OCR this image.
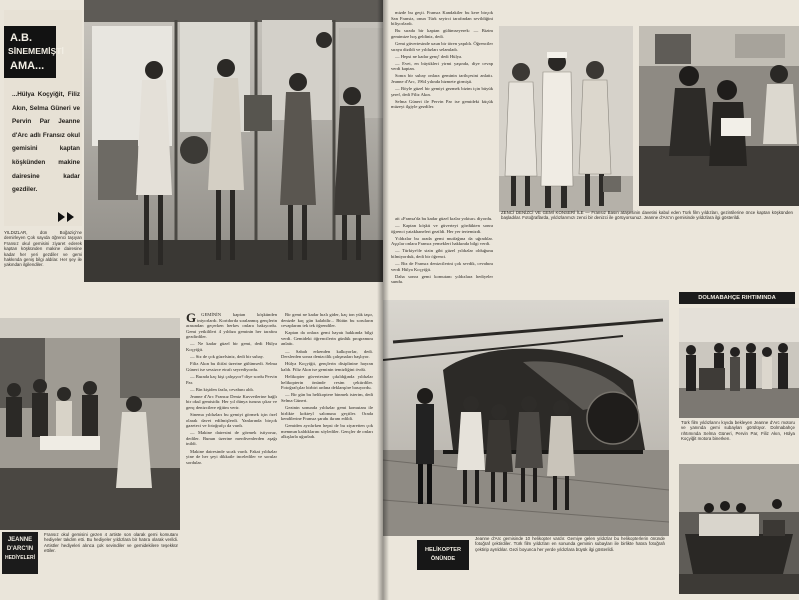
A.B.
SİNEMEMİŞTİ
AMA...
...Hülya Koçyiğit, Filiz Akın, Selma Güneri ve Pervin Par Jeanne d'Arc adlı Fransız okul gemisini kaptan köşkünden makine dairesine kadar gezdiler.
YILDIZLAR, dün Boğaziçi'ne demirleyen Çok sayıda öğrenci taşıyan Fransız okul gemisini ziyaret ederek kaptan köşkünden makine dairesine kadar her yeri gezdiler ve gemi hakkında geniş bilgi aldılar. Her şey ile yakından ilgilendiler.
JEANNE
D'ARC'IN
HEDİYELERİ
Fransız okul gemisini gezen 4 artiste son olarak gemi komutanı hediyeler takdim etti. Bu hediyeler yıldızlara bir hatıra olarak verildi. Artistler hediyeleri alınca çok sevindiler ve gemidekilere teşekkür ettiler.
G	GEMİNİN kaptan köşkünden iniyorlardı. Koridorda sıralanmış gençlerin arasından geçerken herkes onlara bakıyordu. Gemi yetkilileri 4 yıldıza geminin her tarafını gezdirdiler.

— Ne kadar güzel bir gemi, dedi Hülya Koçyiğit.

— Siz de çok güzelsiniz, dedi bir subay.

Filiz Akın bu iltifat üzerine gülümsedi. Selma Güneri ise sessizce etrafı seyrediyordu.

— Burada kaç kişi çalışıyor? diye sordu Pervin Par.

— Bin kişiden fazla, cevabını aldı.

Jeanne d'Arc Fransız Deniz Kuvvetlerine bağlı bir okul gemisidir. Her yıl dünya turuna çıkar ve genç denizcilere eğitim verir.

Sinema yıldızları bu gemiyi görmek için özel olarak davet edilmişlerdi. Yanlarında birçok gazeteci ve fotoğrafçı da vardı.

— Makine dairesini de görmek istiyoruz, dediler. Bunun üzerine merdivenlerden aşağı inildi.

Makine dairesinde sıcak vardı. Fakat yıldızlar yine de her şeyi dikkatle incelediler ve sorular sordular.

Bir gemi ne kadar hızlı gider, kaç ton yük taşır, denizde kaç gün kalabilir... Bütün bu soruların cevaplarını tek tek öğrendiler.

Kaptan da onlara gemi hayatı hakkında bilgi verdi. Gemideki öğrencilerin günlük programını anlattı.

— Sabah erkenden kalkıyorlar, dedi. Derslerden sonra denizcilik çalışmaları başlıyor.

Hülya Koçyiğit, gençlerin disiplinine hayran kaldı. Filiz Akın ise geminin temizliğini övdü.

Helikopter güvertesine çıkıldığında yıldızlar helikopterin önünde resim çektirdiler. Fotoğrafçılar birbiri ardına deklanşöre basıyordu.

— Bir gün bu helikoptere binmek isterim, dedi Selma Güneri.

Gezinin sonunda yıldızlar gemi komutanı ile birlikte kokteyl salonuna geçtiler. Orada kendilerine Fransız şarabı ikram edildi.

Gemiden ayrılırken hepsi de bu ziyaretten çok memnun kaldıklarını söylediler. Gençler de onları alkışlarla uğurladı.

mizde bu geçti. Fransız Kandakiler bu kere birçok San Fransiz, onun Türk seyirci tarafından sevildiğini biliyorlardı.

Bu sırada bir kaptan gülümseyerek: — Bizim gemimize hoş geldiniz, dedi.

Gemi güvertesinde uzun bir tören yapıldı. Öğrenciler sıraya dizildi ve yıldızları selamladı.

— Hepsi ne kadar genç! dedi Hülya.

— Evet, en büyükleri yirmi yaşında, diye cevap verdi kaptan.

Sonra bir subay onlara geminin tarihçesini anlattı. Jeanne d'Arc, 1964 yılında hizmete girmişti.

— Böyle güzel bir gemiyi gezmek bizim için büyük şeref, dedi Filiz Akın.

Selma Güneri ile Pervin Par ise gemideki küçük müzeyi ilgiyle gezdiler.

ZENCİ DENİZCİ VE GEMİ KONSERİ İLE — Fransız Basın ataşesinin davetini kabul eden Türk film yıldızları, gezintilerine önce kaptan köşkünden başladılar. Fotoğraflarda, yıldızlarımızı zenci bir denizci ile görüyorsunuz. Jeanne d'Arc'ın gemisinde yıldızlara ilgi gösterildi.

ait «Fransa'da bu kadar güzel kızlar yoktur» diyordu.

— Kaptan köşkü ve güverteyi gördükten sonra öğrenci yatakhaneleri gezildi. Her yer tertemizdi.

Yıldızlar bu arada gemi mutfağına da uğradılar. Aşçılar onlara Fransız yemekleri hakkında bilgi verdi.

— Türkiye'de sizin gibi güzel yıldızlar olduğunu bilmiyorduk, dedi bir öğrenci.

— Biz de Fransız denizcilerini çok sevdik, cevabını verdi Hülya Koçyiğit.

Daha sonra gemi komutanı yıldızlara hediyeler sundu.

HELİKOPTER
ÖNÜNDE
Jeanne d'Arc gemisinde 10 helikopter vardır. Gemiye gelen yıldızlar bu helikopterlerin önünde fotoğraf çektirdiler. Türk film yıldızları en sonunda geminin subayları ile birlikte hatıra fotoğrafı çektirip ayrıldılar. Gezi boyunca her yerde yıldızlara büyük ilgi gösterildi.
DOLMABAHÇE RIHTIMINDA
Türk film yıldızlarını kıyıda bekleyen Jeanne d'Arc motoru ve yanında gemi subayları görülüyor. Dolmabahçe rıhtımında Selma Güneri, Pervin Par, Filiz Akın, Hülya Koçyiğit motora binerken.
